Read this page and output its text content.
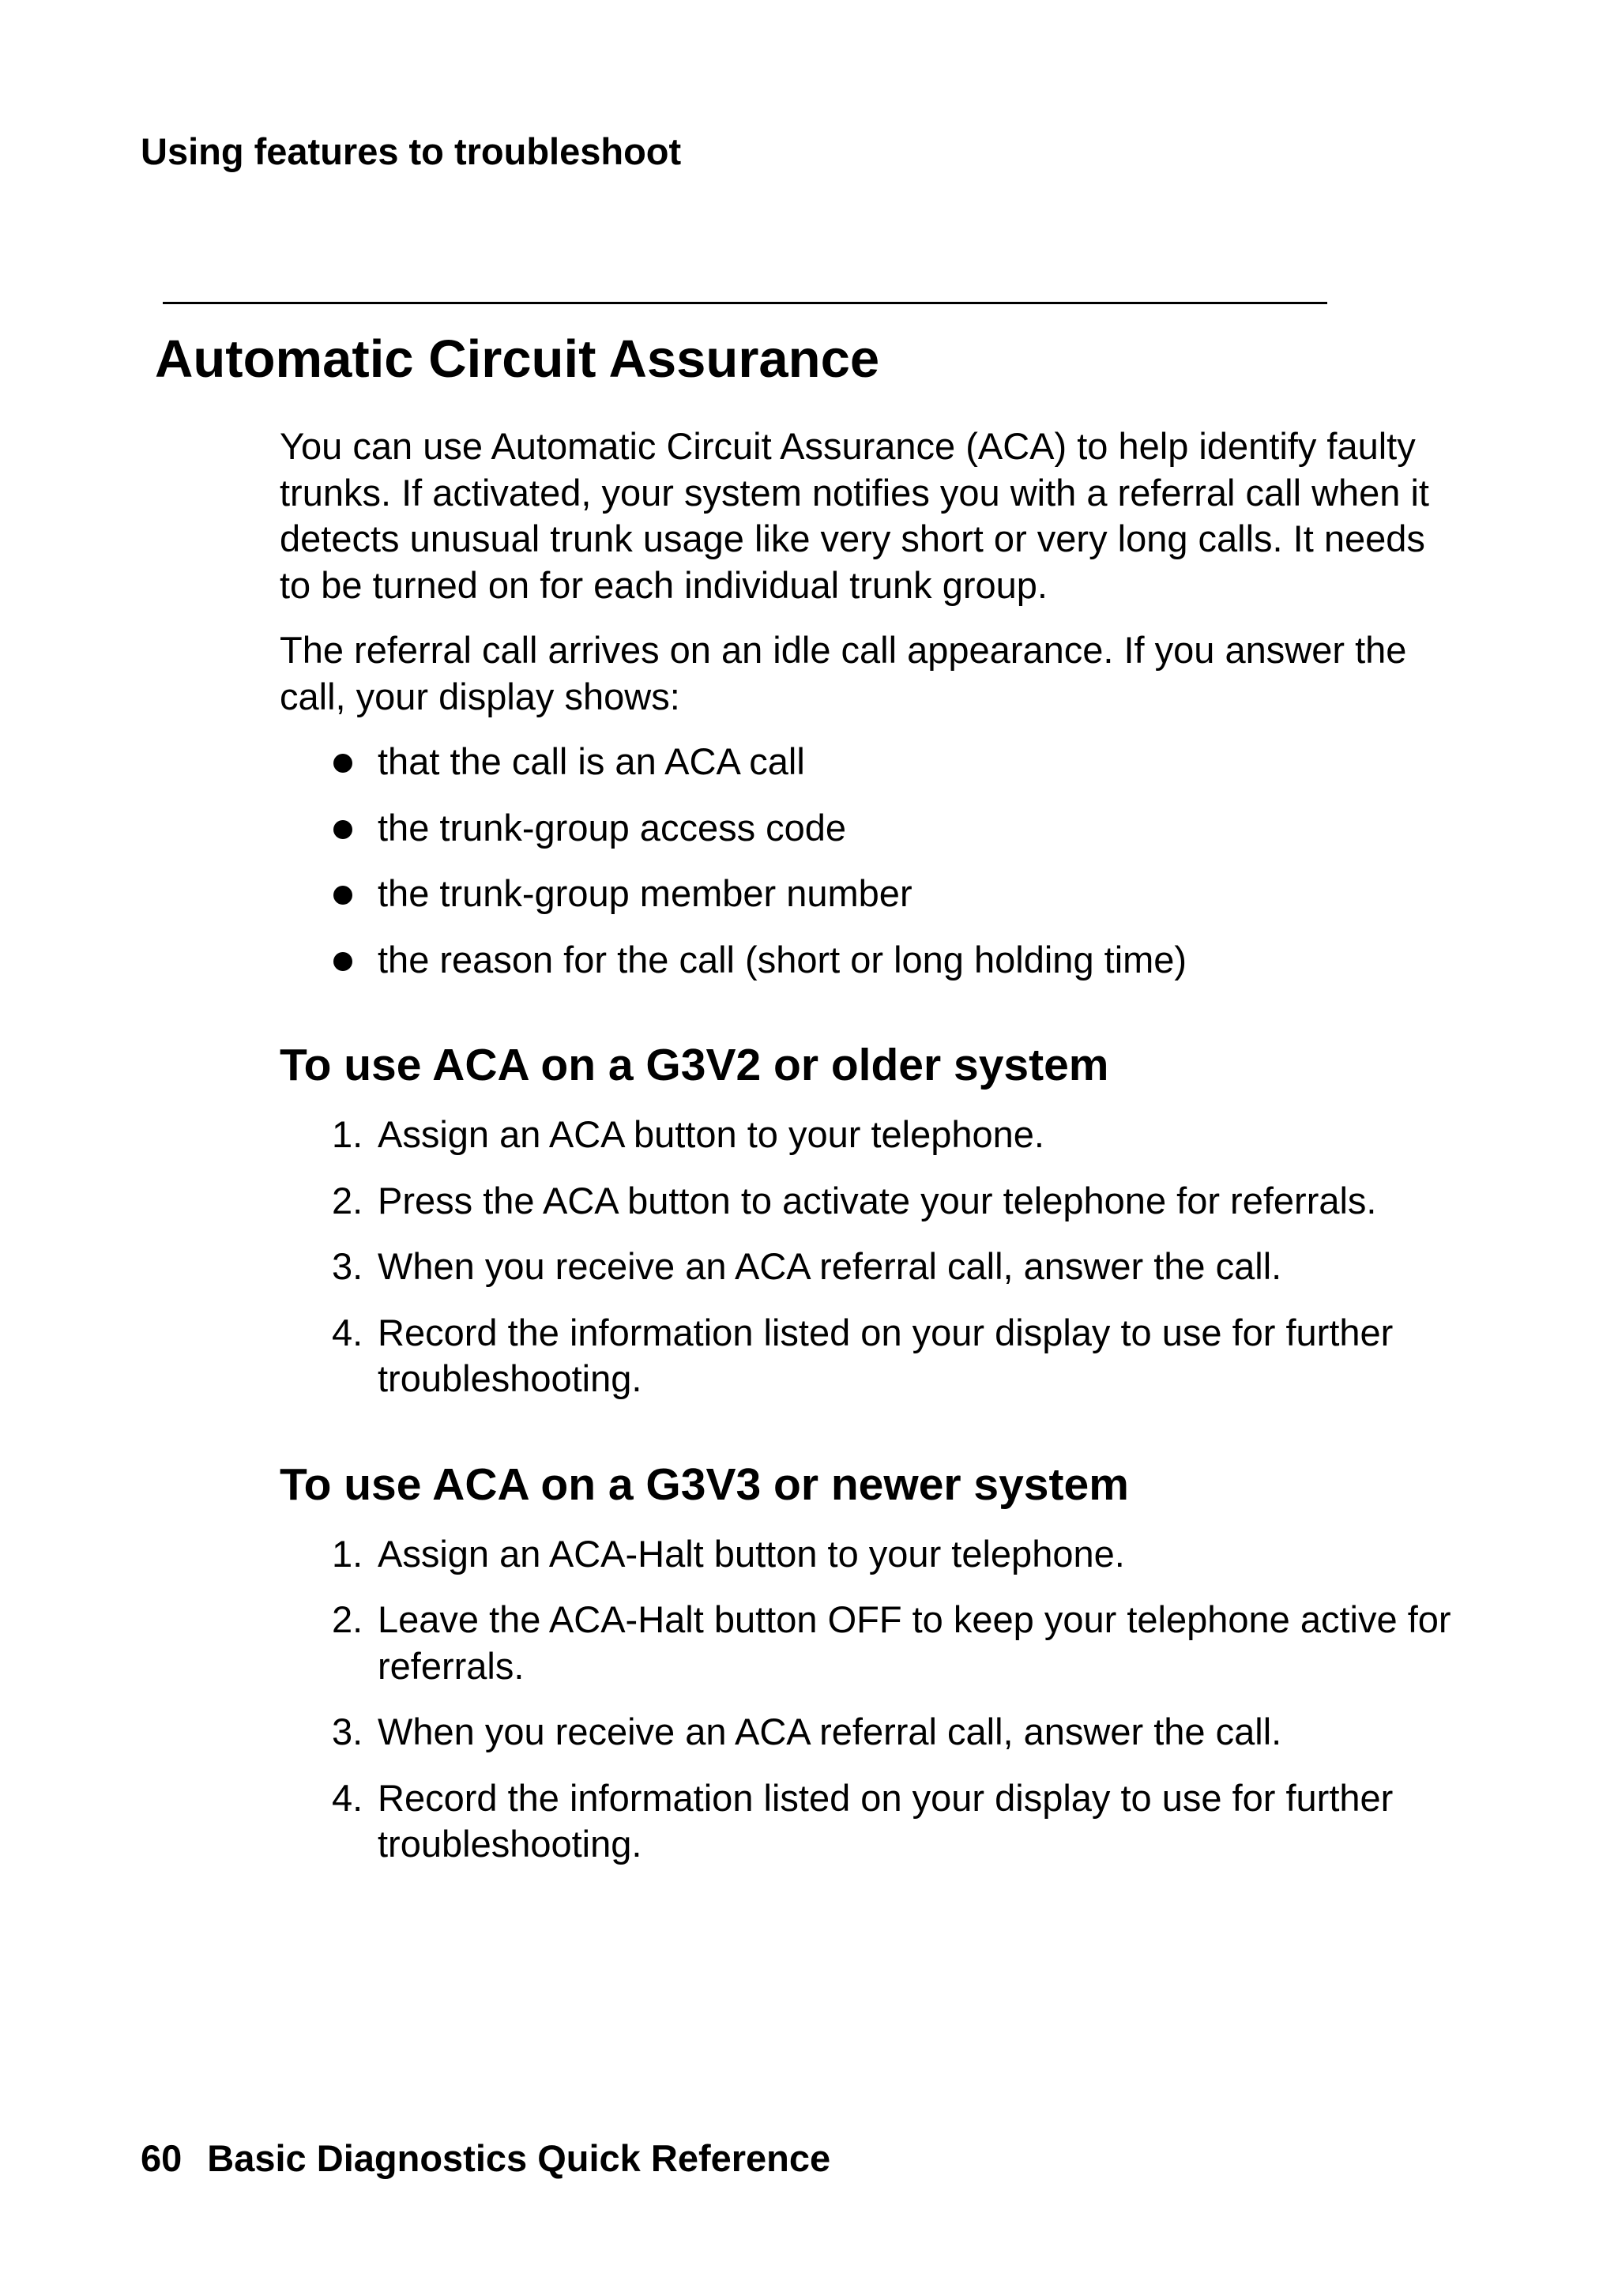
Using features to troubleshoot
Automatic Circuit Assurance

You can use Automatic Circuit Assurance (ACA) to help identify faulty trunks. If activated, your system notifies you with a referral call when it detects unusual trunk usage like very short or very long calls. It needs to be turned on for each individual trunk group.

The referral call arrives on an idle call appearance. If you answer the call, your display shows:

that the call is an ACA call
the trunk-group access code
the trunk-group member number
the reason for the call (short or long holding time)
To use ACA on a G3V2 or older system
1. Assign an ACA button to your telephone.
2. Press the ACA button to activate your telephone for referrals.
3. When you receive an ACA referral call, answer the call.
4. Record the information listed on your display to use for further troubleshooting.
To use ACA on a G3V3 or newer system
1. Assign an ACA-Halt button to your telephone.
2. Leave the ACA-Halt button OFF to keep your telephone active for referrals.
3. When you receive an ACA referral call, answer the call.
4. Record the information listed on your display to use for further troubleshooting.
60 Basic Diagnostics Quick Reference
